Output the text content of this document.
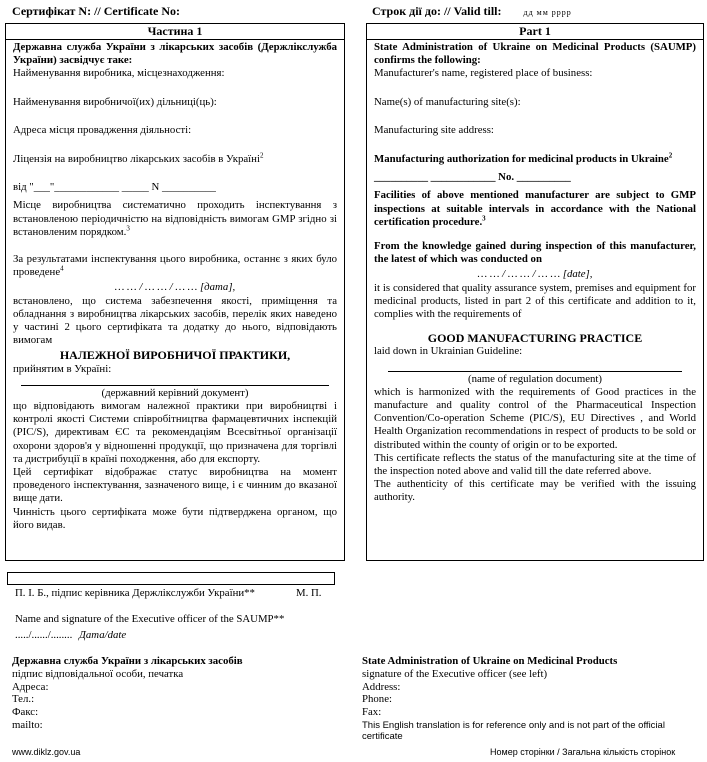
Сертифікат N: // Certificate No:	Строк дії до: // Valid till:	дд мм рррр
Частина 1

Державна служба України з лікарських засобів (Держлікслужба України) засвідчує таке:

Найменування виробника, місцезнаходження:

Найменування виробничої(их) дільниці(ць):

Адреса місця провадження діяльності:

Ліцензія на виробництво лікарських засобів в Україні$^2$

від "___"____________ _____ N __________

Місце виробництва систематично проходить інспектування з встановленою періодичністю на відповідність вимогам GMP згідно зі встановленим порядком.$^3$

За результатами інспектування цього виробника, останнє з яких було проведене$^4$

… … / … … / … … [дата],

встановлено, що система забезпечення якості, приміщення та обладнання з виробництва лікарських засобів, перелік яких наведено у частині 2 цього сертифіката та додатку до нього, відповідають вимогам

НАЛЕЖНОЇ ВИРОБНИЧОЇ ПРАКТИКИ,

прийнятим в Україні:

(державний керівний документ)

що відповідають вимогам належної практики при виробництві і контролі якості Системи співробітництва фармацевтичних інспекцій (PIC/S), директивам ЄС та рекомендаціям Всесвітньої організації охорони здоров'я у відношенні продукції, що призначена для торгівлі та дистрибуції в країні походження, або для експорту.

Цей сертифікат відображає статус виробництва на момент проведеного інспектування, зазначеного вище, і є чинним до вказаної вище дати.

Чинність цього сертифіката може бути підтверджена органом, що його видав.

Part 1

State Administration of Ukraine on Medicinal Products (SAUMP) confirms the following:

Manufacturer's name, registered place of business:

Name(s) of manufacturing site(s):

Manufacturing site address:

Manufacturing authorization for medicinal products in Ukraine$^2$

__________ ____________ No. __________

Facilities of above mentioned manufacturer are subject to GMP inspections at suitable intervals in accordance with the National certification procedure.$^3$

From the knowledge gained during inspection of this manufacturer, the latest of which was conducted on

… … / … … / … … [date],

it is considered that quality assurance system, premises and equipment for medicinal products, listed in part 2 of this certificate and addition to it, complies with the requirements of

GOOD MANUFACTURING PRACTICE

laid down in Ukrainian Guideline:

(name of regulation document)

which is harmonized with the requirements of Good practices in the manufacture and quality control of the Pharmaceutical Inspection Convention/Co-operation Scheme (PIC/S), EU Directives , and World Health Organization recommendations in respect of products to be sold or distributed within the county of origin or to be exported.

This certificate reflects the status of the manufacturing site at the time of the inspection noted above and valid till the date referred above.

The authenticity of this certificate may be verified with the issuing authority.

П. І. Б., підпис керівника Держлікслужби України**	М. П.
Name and signature of the Executive officer of the SAUMP**
...../....../........ Дата/date
Державна служба України з лікарських засобів
підпис відповідальної особи, печатка
Адреса:
Тел.:
Факс:
mailto:
www.diklz.gov.ua
State Administration of Ukraine on Medicinal Products
signature of the Executive officer (see left)
Address:
Phone:
Fax:
This English translation is for reference only and is not part of the official certificate
Номер сторінки / Загальна кількість сторінок
